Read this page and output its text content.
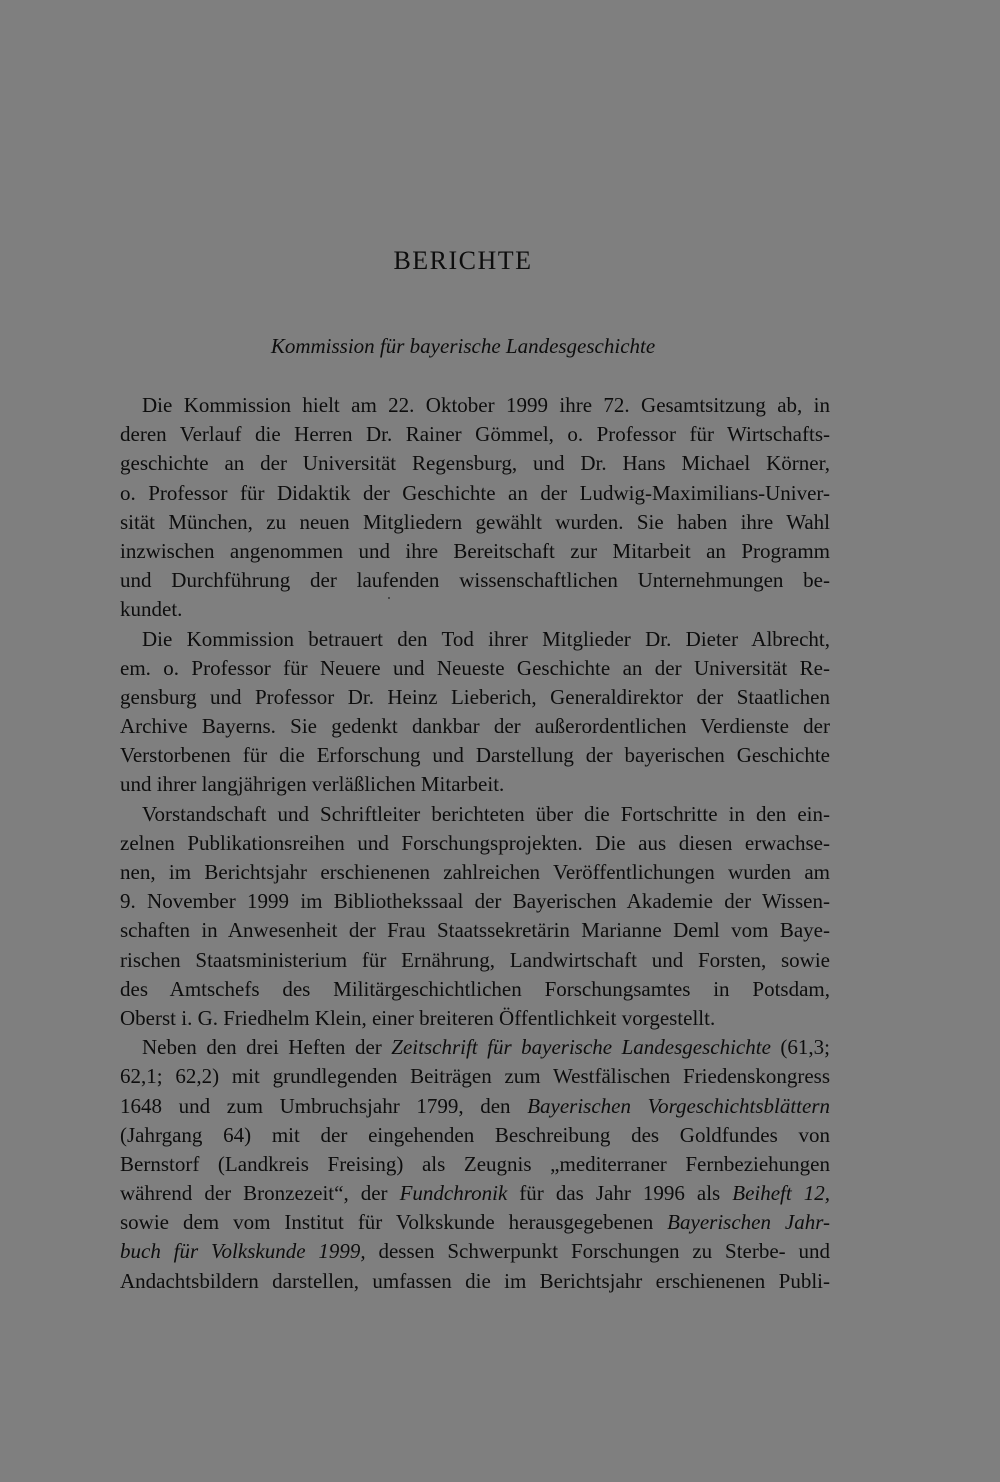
BERICHTE
Kommission für bayerische Landesgeschichte

Die Kommission hielt am 22. Oktober 1999 ihre 72. Gesamtsitzung ab, in
deren Verlauf die Herren Dr. Rainer Gömmel, o. Professor für Wirtschafts-
geschichte an der Universität Regensburg, und Dr. Hans Michael Körner,
o. Professor für Didaktik der Geschichte an der Ludwig-Maximilians-Univer-
sität München, zu neuen Mitgliedern gewählt wurden. Sie haben ihre Wahl
inzwischen angenommen und ihre Bereitschaft zur Mitarbeit an Programm
und Durchführung der laufenden wissenschaftlichen Unternehmungen be-
kundet.

Die Kommission betrauert den Tod ihrer Mitglieder Dr. Dieter Albrecht,
em. o. Professor für Neuere und Neueste Geschichte an der Universität Re-
gensburg und Professor Dr. Heinz Lieberich, Generaldirektor der Staatlichen
Archive Bayerns. Sie gedenkt dankbar der außerordentlichen Verdienste der
Verstorbenen für die Erforschung und Darstellung der bayerischen Geschichte
und ihrer langjährigen verläßlichen Mitarbeit.

Vorstandschaft und Schriftleiter berichteten über die Fortschritte in den ein-
zelnen Publikationsreihen und Forschungsprojekten. Die aus diesen erwachse-
nen, im Berichtsjahr erschienenen zahlreichen Veröffentlichungen wurden am
9. November 1999 im Bibliothekssaal der Bayerischen Akademie der Wissen-
schaften in Anwesenheit der Frau Staatssekretärin Marianne Deml vom Baye-
rischen Staatsministerium für Ernährung, Landwirtschaft und Forsten, sowie
des Amtschefs des Militärgeschichtlichen Forschungsamtes in Potsdam,
Oberst i. G. Friedhelm Klein, einer breiteren Öffentlichkeit vorgestellt.

Neben den drei Heften der Zeitschrift für bayerische Landesgeschichte (61,3;
62,1; 62,2) mit grundlegenden Beiträgen zum Westfälischen Friedenskongress
1648 und zum Umbruchsjahr 1799, den Bayerischen Vorgeschichtsblättern
(Jahrgang 64) mit der eingehenden Beschreibung des Goldfundes von
Bernstorf (Landkreis Freising) als Zeugnis „mediterraner Fernbeziehungen
während der Bronzezeit“, der Fundchronik für das Jahr 1996 als Beiheft 12,
sowie dem vom Institut für Volkskunde herausgegebenen Bayerischen Jahr-
buch für Volkskunde 1999, dessen Schwerpunkt Forschungen zu Sterbe- und
Andachtsbildern darstellen, umfassen die im Berichtsjahr erschienenen Publi-
